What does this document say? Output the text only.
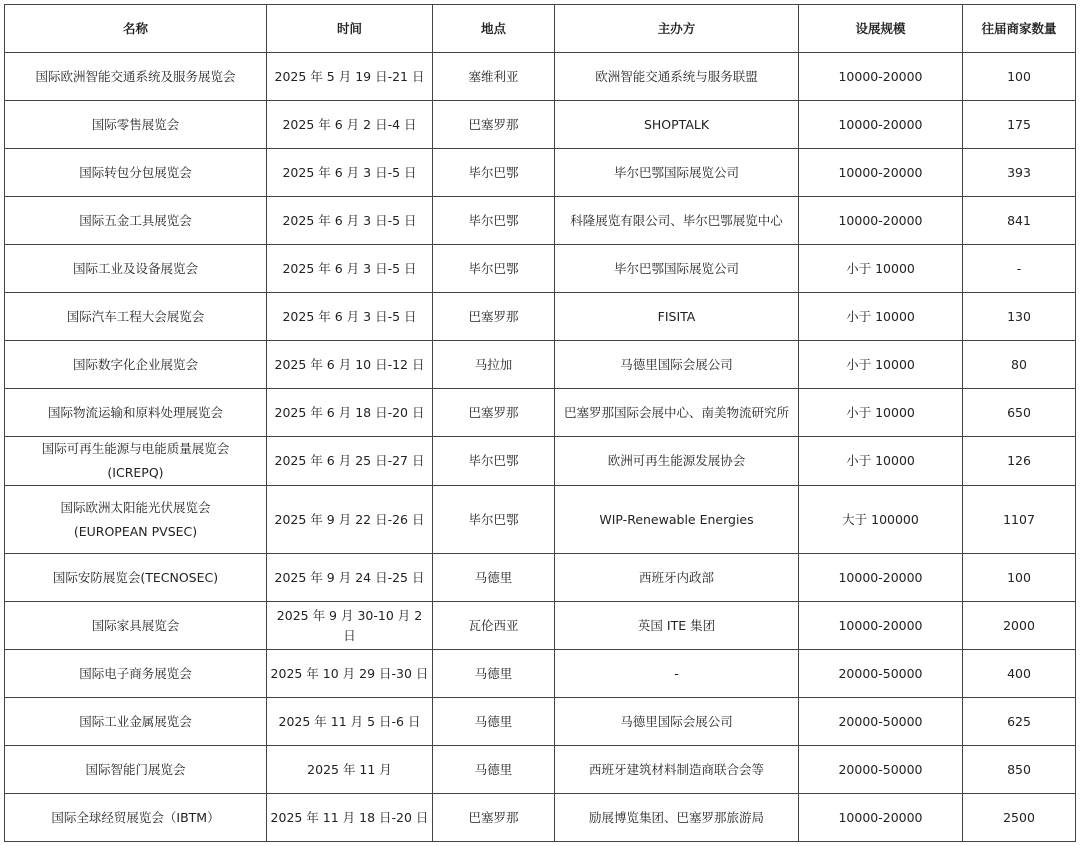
名称	时间	地点	主办方	设展规模	往届商家数量
国际欧洲智能交通系统及服务展览会	2025 年 5 月 19 日-21 日	塞维利亚	欧洲智能交通系统与服务联盟	10000-20000	100
国际零售展览会	2025 年 6 月 2 日-4 日	巴塞罗那	SHOPTALK	10000-20000	175
国际转包分包展览会	2025 年 6 月 3 日-5 日	毕尔巴鄂	毕尔巴鄂国际展览公司	10000-20000	393
国际五金工具展览会	2025 年 6 月 3 日-5 日	毕尔巴鄂	科隆展览有限公司、毕尔巴鄂展览中心	10000-20000	841
国际工业及设备展览会	2025 年 6 月 3 日-5 日	毕尔巴鄂	毕尔巴鄂国际展览公司	小于 10000	-
国际汽车工程大会展览会	2025 年 6 月 3 日-5 日	巴塞罗那	FISITA	小于 10000	130
国际数字化企业展览会	2025 年 6 月 10 日-12 日	马拉加	马德里国际会展公司	小于 10000	80
国际物流运输和原料处理展览会	2025 年 6 月 18 日-20 日	巴塞罗那	巴塞罗那国际会展中心、南美物流研究所	小于 10000	650

国际可再生能源与电能质量展览会
(ICREPQ)	2025 年 6 月 25 日-27 日	毕尔巴鄂	欧洲可再生能源发展协会	小于 10000	126

国际欧洲太阳能光伏展览会
(EUROPEAN PVSEC)	2025 年 9 月 22 日-26 日	毕尔巴鄂	WIP-Renewable Energies	大于 100000	1107
国际安防展览会(TECNOSEC)	2025 年 9 月 24 日-25 日	马德里	西班牙内政部	10000-20000	100
国际家具展览会	2025 年 9 月 30-10 月 2 日	瓦伦西亚	英国 ITE 集团	10000-20000	2000
国际电子商务展览会	2025 年 10 月 29 日-30 日	马德里	-	20000-50000	400
国际工业金属展览会	2025 年 11 月 5 日-6 日	马德里	马德里国际会展公司	20000-50000	625
国际智能门展览会	2025 年 11 月	马德里	西班牙建筑材料制造商联合会等	20000-50000	850
国际全球经贸展览会（IBTM）	2025 年 11 月 18 日-20 日	巴塞罗那	励展博览集团、巴塞罗那旅游局	10000-20000	2500
